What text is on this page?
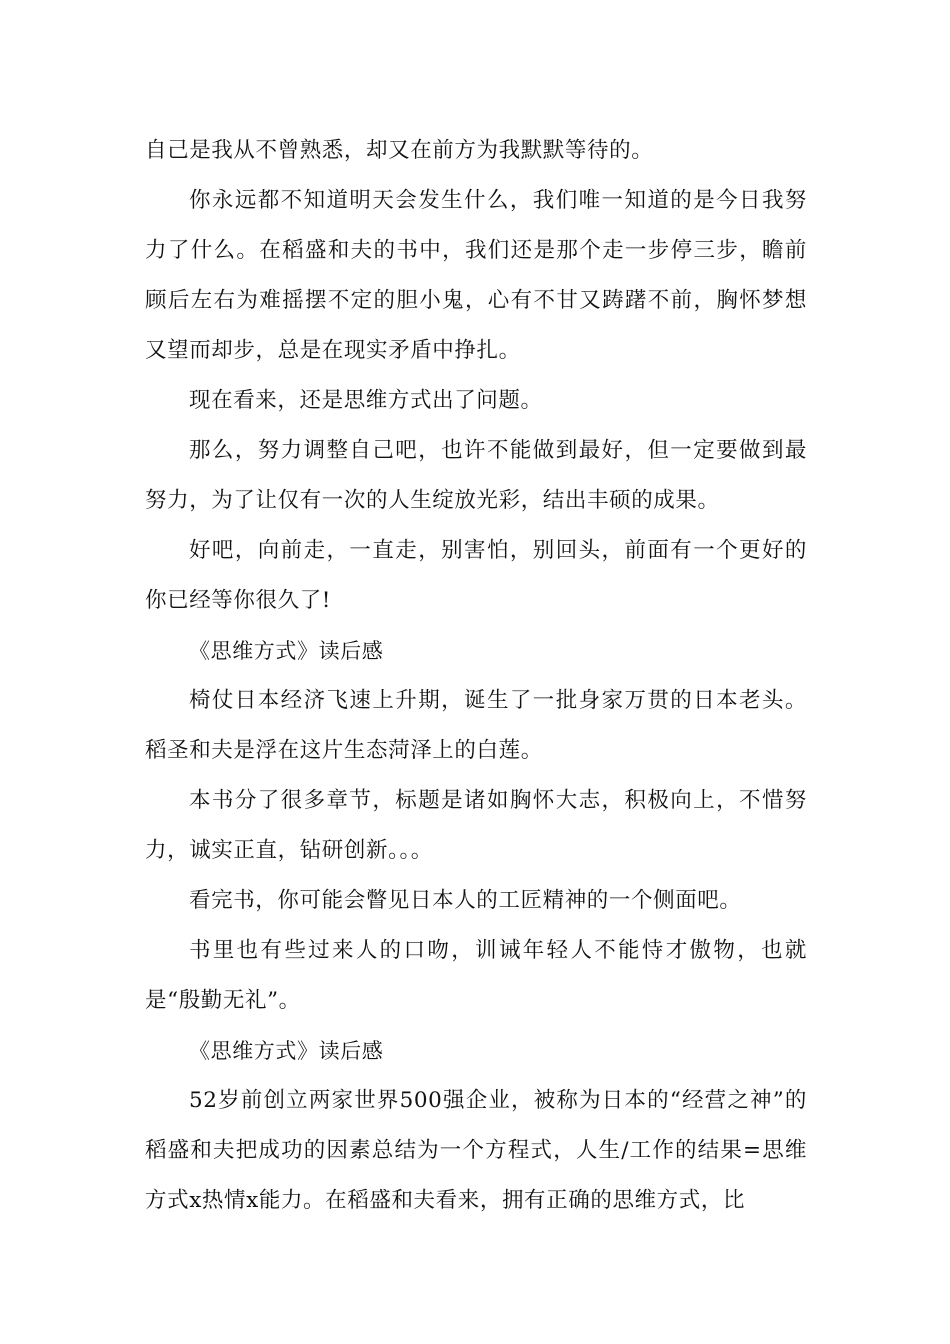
自己是我从不曾熟悉，却又在前方为我默默等待的。

你永远都不知道明天会发生什么，我们唯一知道的是今日我努力了什么。在稻盛和夫的书中，我们还是那个走一步停三步，瞻前顾后左右为难摇摆不定的胆小鬼，心有不甘又踌躇不前，胸怀梦想又望而却步，总是在现实矛盾中挣扎。

现在看来，还是思维方式出了问题。

那么，努力调整自己吧，也许不能做到最好，但一定要做到最努力，为了让仅有一次的人生绽放光彩，结出丰硕的成果。

好吧，向前走，一直走，别害怕，别回头，前面有一个更好的你已经等你很久了!

《思维方式》读后感

椅仗日本经济飞速上升期，诞生了一批身家万贯的日本老头。稻圣和夫是浮在这片生态菏泽上的白莲。

本书分了很多章节，标题是诸如胸怀大志，积极向上，不惜努力，诚实正直，钻研创新。。。

看完书，你可能会瞥见日本人的工匠精神的一个侧面吧。

书里也有些过来人的口吻，训诫年轻人不能恃才傲物，也就是“殷勤无礼”。

《思维方式》读后感

52岁前创立两家世界500强企业，被称为日本的“经营之神”的稻盛和夫把成功的因素总结为一个方程式，人生/工作的结果=思维方式x热情x能力。在稻盛和夫看来，拥有正确的思维方式，比
